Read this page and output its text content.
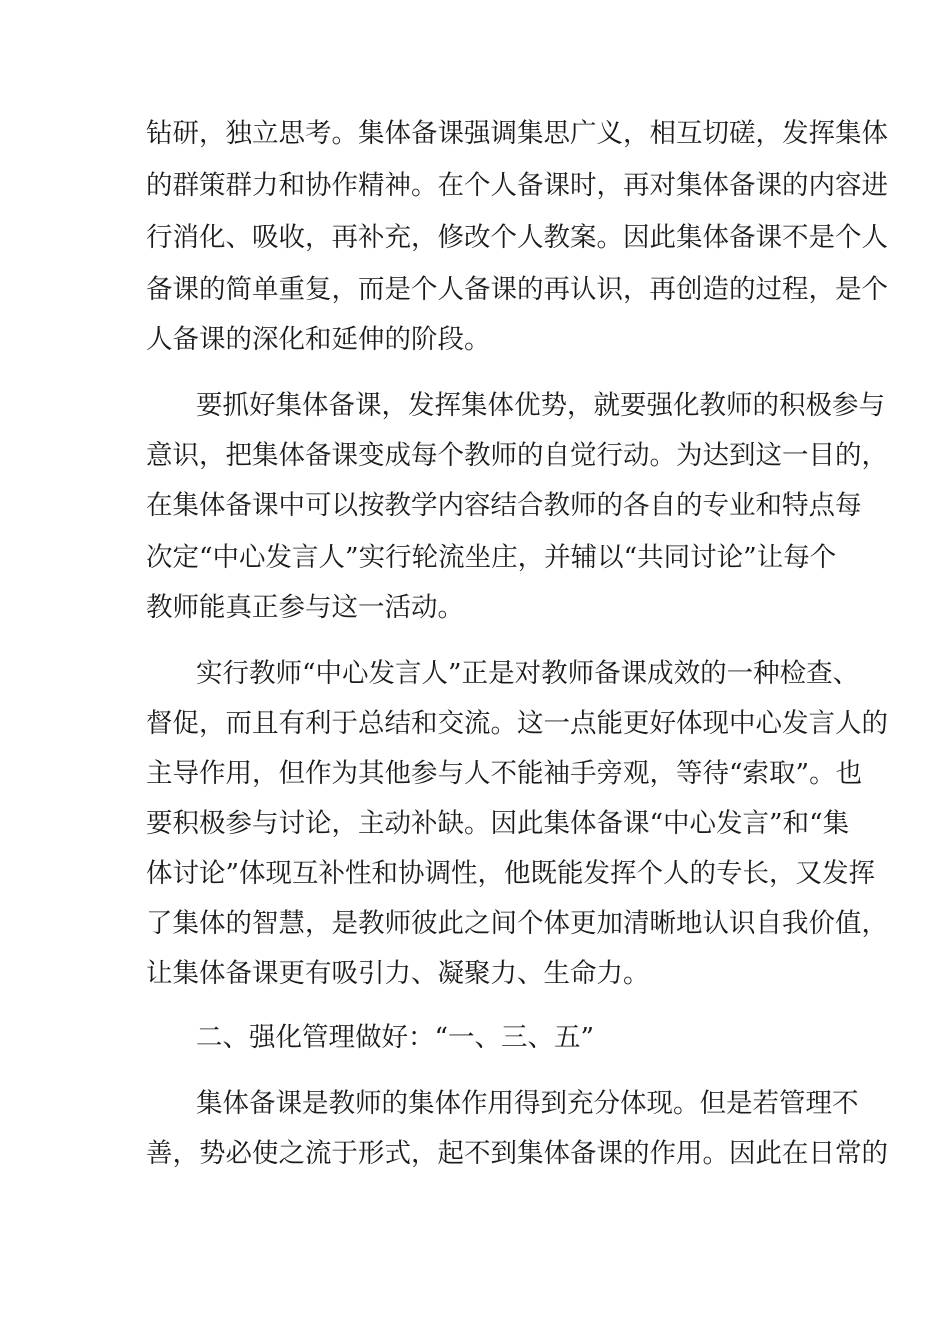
钻研，独立思考。集体备课强调集思广义，相互切磋，发挥集体
的群策群力和协作精神。在个人备课时，再对集体备课的内容进
行消化、吸收，再补充，修改个人教案。因此集体备课不是个人
备课的简单重复，而是个人备课的再认识，再创造的过程，是个
人备课的深化和延伸的阶段。
要抓好集体备课，发挥集体优势，就要强化教师的积极参与
意识，把集体备课变成每个教师的自觉行动。为达到这一目的，
在集体备课中可以按教学内容结合教师的各自的专业和特点每
次定“中心发言人”实行轮流坐庄，并辅以“共同讨论”让每个
教师能真正参与这一活动。
实行教师“中心发言人”正是对教师备课成效的一种检查、
督促，而且有利于总结和交流。这一点能更好体现中心发言人的
主导作用，但作为其他参与人不能袖手旁观，等待“索取”。也
要积极参与讨论，主动补缺。因此集体备课“中心发言”和“集
体讨论”体现互补性和协调性，他既能发挥个人的专长，又发挥
了集体的智慧，是教师彼此之间个体更加清晰地认识自我价值，
让集体备课更有吸引力、凝聚力、生命力。
二、强化管理做好：“一、三、五”
集体备课是教师的集体作用得到充分体现。但是若管理不
善，势必使之流于形式，起不到集体备课的作用。因此在日常的
